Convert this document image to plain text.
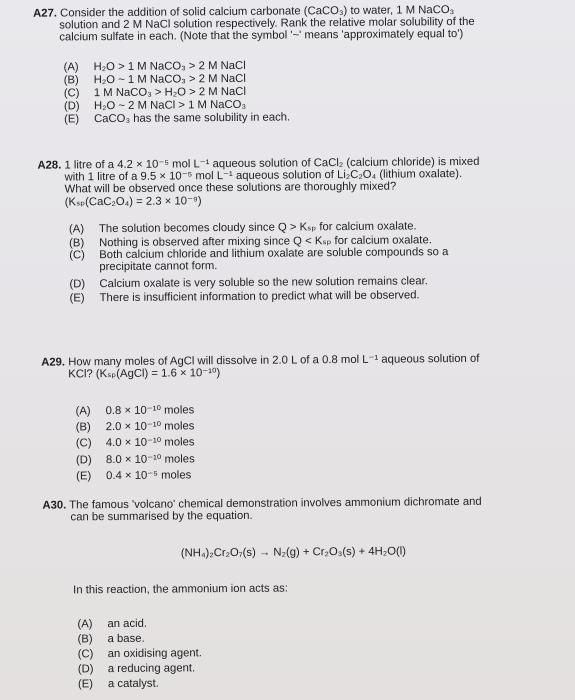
A27. Consider the addition of solid calcium carbonate (CaCO₃) to water, 1 M NaCO₃
solution and 2 M NaCl solution respectively. Rank the relative molar solubility of the
calcium sulfate in each. (Note that the symbol '~' means 'approximately equal to')
(A) H₂O > 1 M NaCO₃ > 2 M NaCl
(B) H₂O ~ 1 M NaCO₃ > 2 M NaCl
(C) 1 M NaCO₃ > H₂O > 2 M NaCl
(D) H₂O ~ 2 M NaCl > 1 M NaCO₃
(E) CaCO₃ has the same solubility in each.
A28. 1 litre of a 4.2 × 10⁻⁵ mol L⁻¹ aqueous solution of CaCl₂ (calcium chloride) is mixed
with 1 litre of a 9.5 × 10⁻⁵ mol L⁻¹ aqueous solution of Li₂C₂O₄ (lithium oxalate).
What will be observed once these solutions are thoroughly mixed?
(Kₛₚ(CaC₂O₄) = 2.3 × 10⁻⁹)
(A) The solution becomes cloudy since Q > Kₛₚ for calcium oxalate.
(B) Nothing is observed after mixing since Q < Kₛₚ for calcium oxalate.
(C)	Both calcium chloride and lithium oxalate are soluble compounds so a precipitate cannot form.
(D) Calcium oxalate is very soluble so the new solution remains clear.
(E) There is insufficient information to predict what will be observed.
A29. How many moles of AgCl will dissolve in 2.0 L of a 0.8 mol L⁻¹ aqueous solution of
KCl? (Kₛₚ(AgCl) = 1.6 × 10⁻¹⁰)
(A) 0.8 × 10⁻¹⁰ moles
(B) 2.0 × 10⁻¹⁰ moles
(C) 4.0 × 10⁻¹⁰ moles
(D) 8.0 × 10⁻¹⁰ moles
(E) 0.4 × 10⁻⁵ moles
A30. The famous 'volcano' chemical demonstration involves ammonium dichromate and
can be summarised by the equation.
(NH₄)₂Cr₂O₇(s) → N₂(g) + Cr₂O₃(s) + 4H₂O(l)
In this reaction, the ammonium ion acts as:
(A) an acid.
(B) a base.
(C) an oxidising agent.
(D) a reducing agent.
(E) a catalyst.
